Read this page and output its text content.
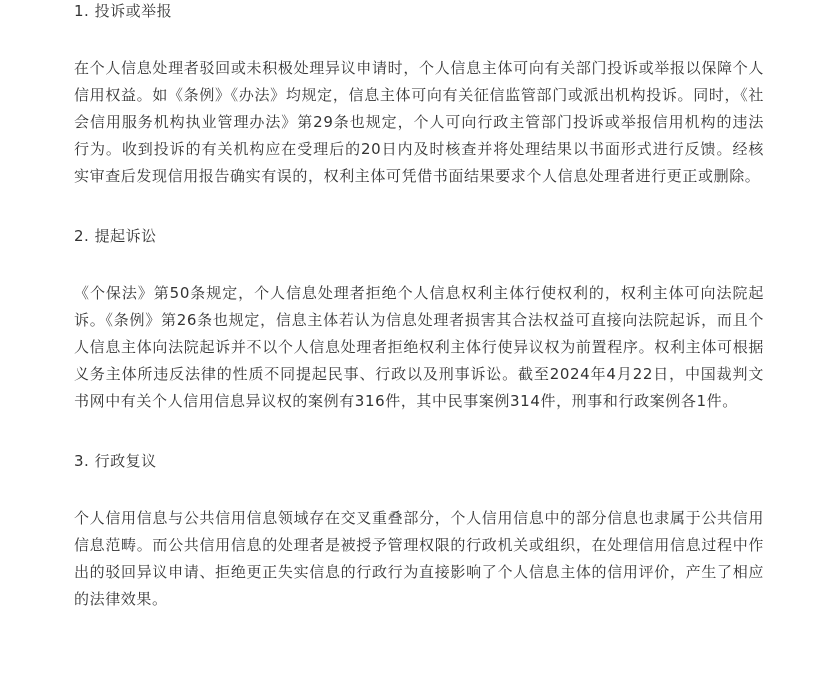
1. 投诉或举报

在个人信息处理者驳回或未积极处理异议申请时，个人信息主体可向有关部门投诉或举报以保障个人信用权益。如《条例》《办法》均规定，信息主体可向有关征信监管部门或派出机构投诉。同时，《社会信用服务机构执业管理办法》第29条也规定，个人可向行政主管部门投诉或举报信用机构的违法行为。收到投诉的有关机构应在受理后的20日内及时核查并将处理结果以书面形式进行反馈。经核实审查后发现信用报告确实有误的，权利主体可凭借书面结果要求个人信息处理者进行更正或删除。

2. 提起诉讼

《个保法》第50条规定，个人信息处理者拒绝个人信息权利主体行使权利的，权利主体可向法院起诉。《条例》第26条也规定，信息主体若认为信息处理者损害其合法权益可直接向法院起诉，而且个人信息主体向法院起诉并不以个人信息处理者拒绝权利主体行使异议权为前置程序。权利主体可根据义务主体所违反法律的性质不同提起民事、行政以及刑事诉讼。截至2024年4月22日，中国裁判文书网中有关个人信用信息异议权的案例有316件，其中民事案例314件，刑事和行政案例各1件。

3. 行政复议

个人信用信息与公共信用信息领域存在交叉重叠部分，个人信用信息中的部分信息也隶属于公共信用信息范畴。而公共信用信息的处理者是被授予管理权限的行政机关或组织，在处理信用信息过程中作出的驳回异议申请、拒绝更正失实信息的行政行为直接影响了个人信息主体的信用评价，产生了相应的法律效果。
